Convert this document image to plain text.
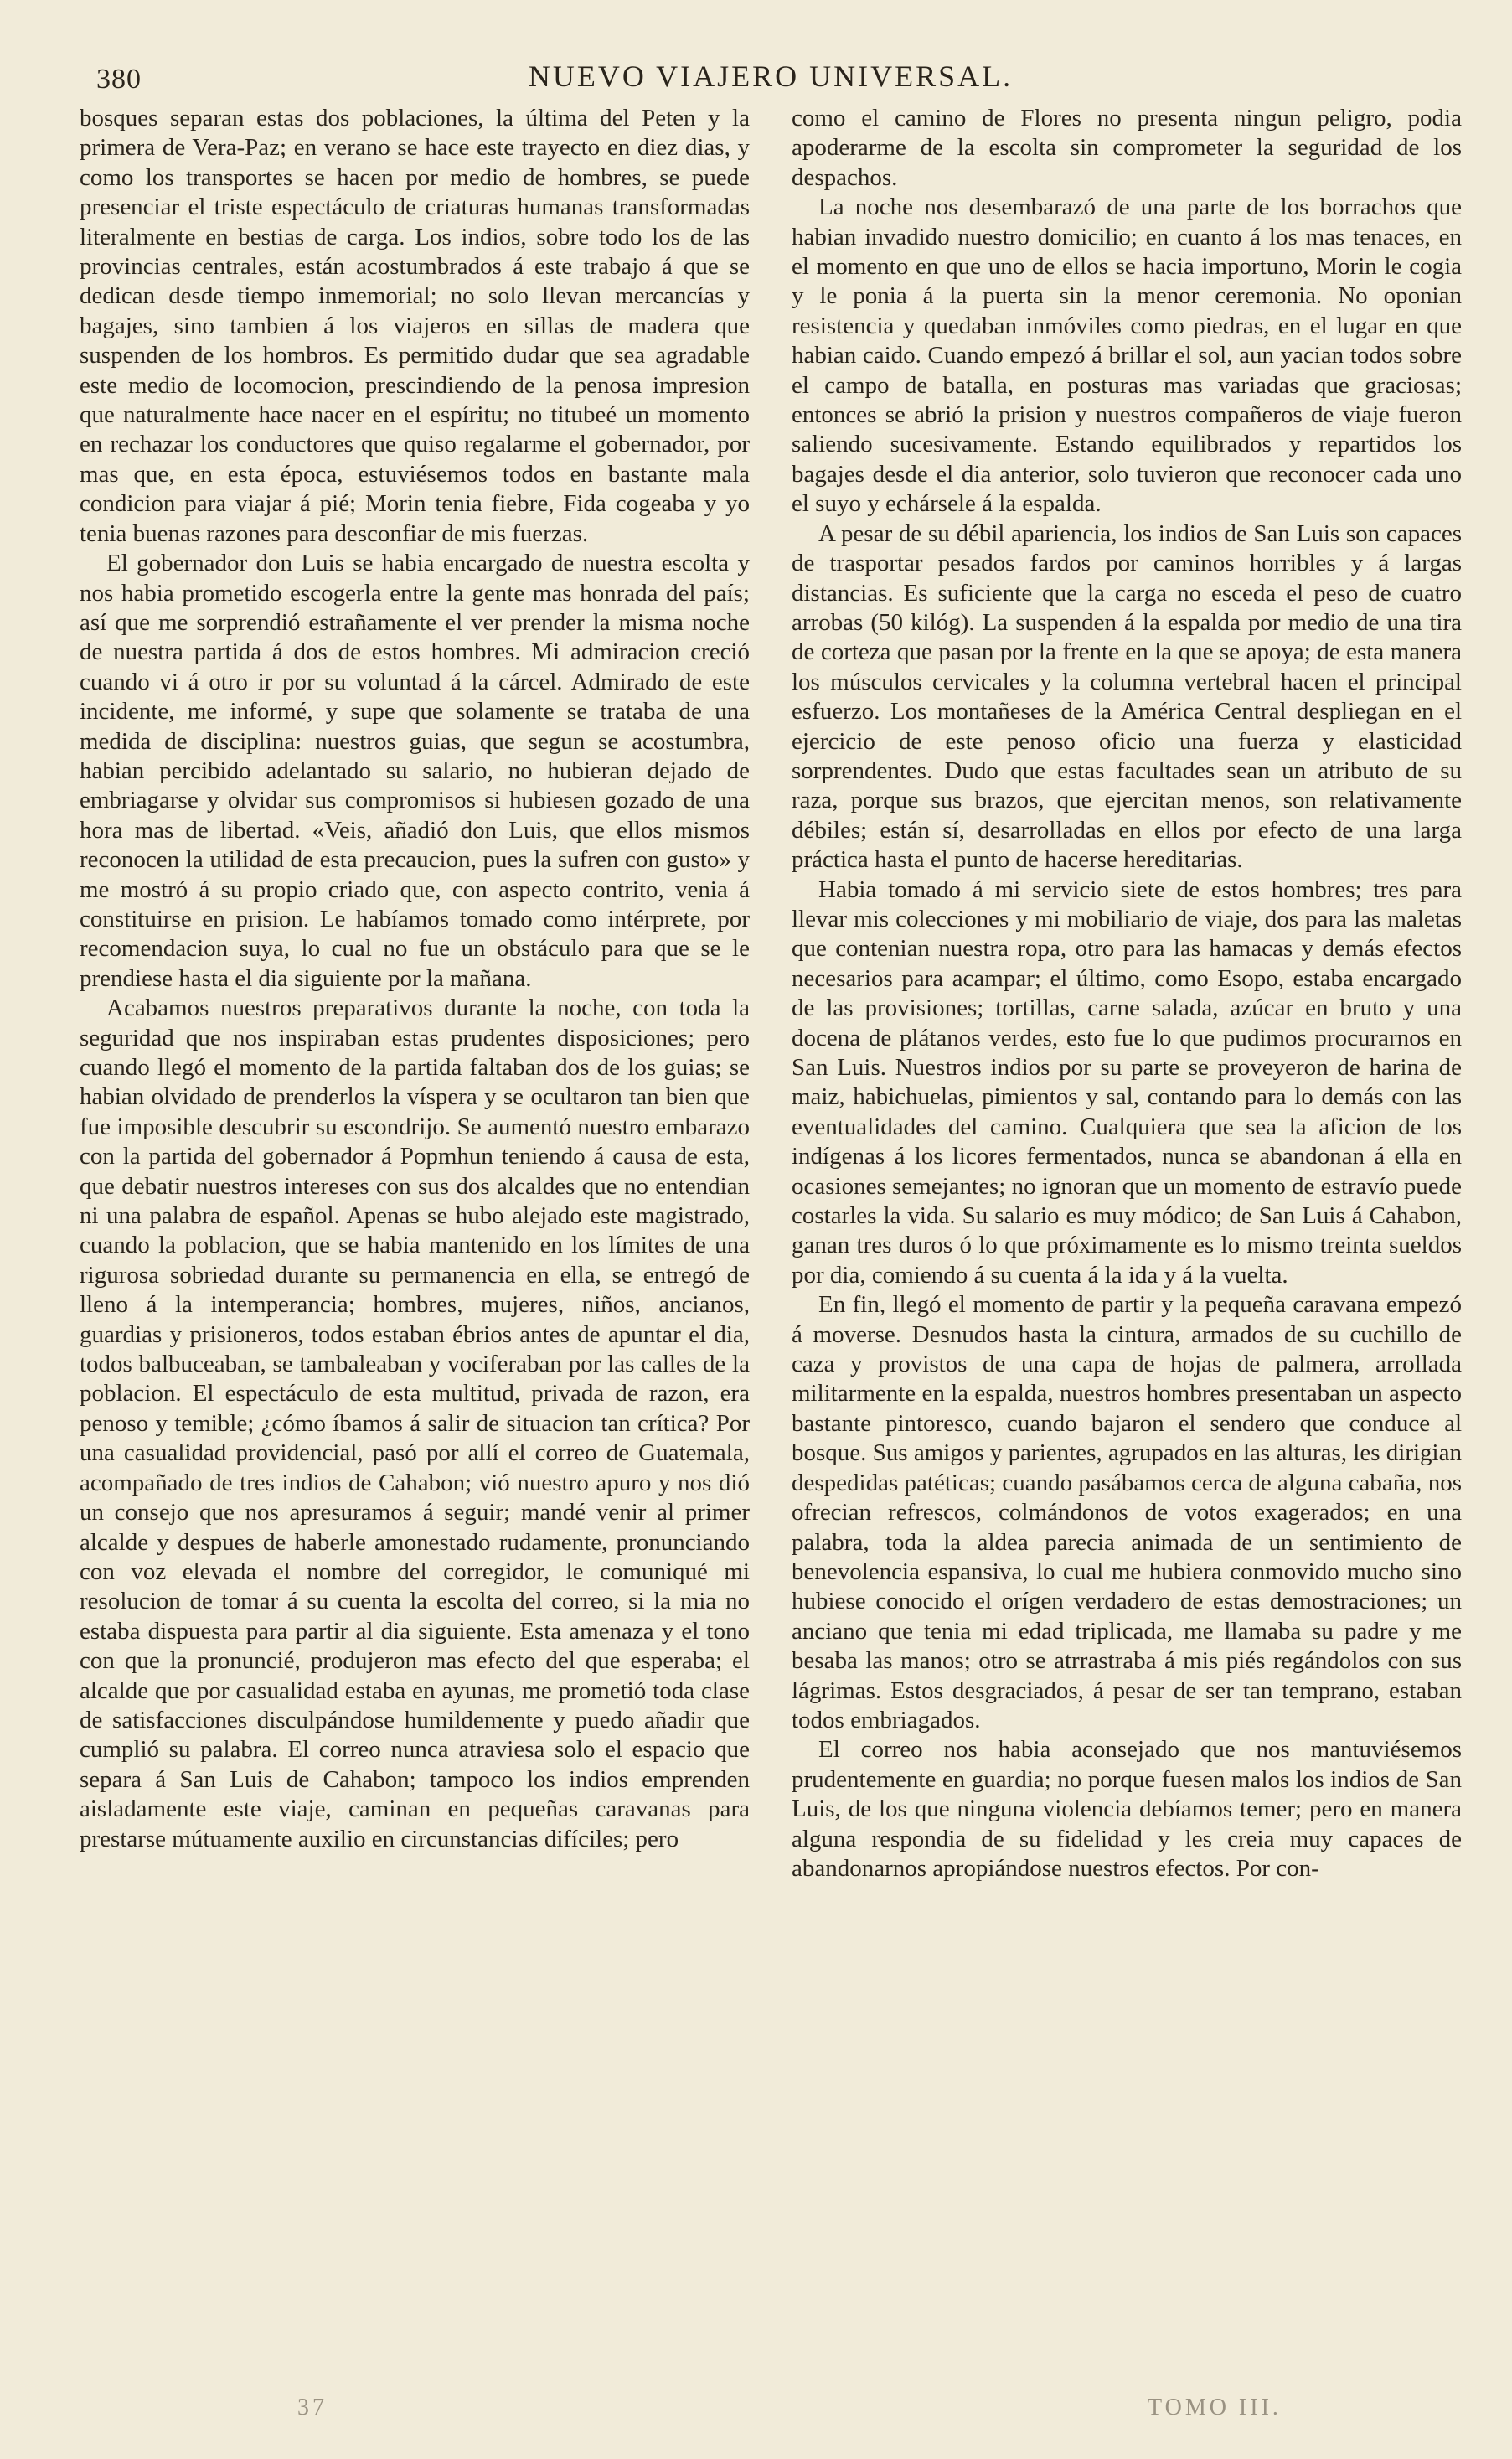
380	NUEVO VIAJERO UNIVERSAL.

bosques separan estas dos poblaciones, la última del Peten y la primera de Vera-Paz; en verano se hace este trayecto en diez dias, y como los transportes se hacen por medio de hombres, se puede presenciar el triste espectáculo de criaturas humanas transformadas literalmente en bestias de carga. Los indios, sobre todo los de las provincias centrales, están acostumbrados á este trabajo á que se dedican desde tiempo inmemorial; no solo llevan mercancías y bagajes, sino tambien á los viajeros en sillas de madera que suspenden de los hombros. Es permitido dudar que sea agradable este medio de locomocion, prescindiendo de la penosa impresion que naturalmente hace nacer en el espíritu; no titubeé un momento en rechazar los conductores que quiso regalarme el gobernador, por mas que, en esta época, estuviésemos todos en bastante mala condicion para viajar á pié; Morin tenia fiebre, Fida cogeaba y yo tenia buenas razones para desconfiar de mis fuerzas.

El gobernador don Luis se habia encargado de nuestra escolta y nos habia prometido escogerla entre la gente mas honrada del país; así que me sorprendió estrañamente el ver prender la misma noche de nuestra partida á dos de estos hombres. Mi admiracion creció cuando vi á otro ir por su voluntad á la cárcel. Admirado de este incidente, me informé, y supe que solamente se trataba de una medida de disciplina: nuestros guias, que segun se acostumbra, habian percibido adelantado su salario, no hubieran dejado de embriagarse y olvidar sus compromisos si hubiesen gozado de una hora mas de libertad. «Veis, añadió don Luis, que ellos mismos reconocen la utilidad de esta precaucion, pues la sufren con gusto» y me mostró á su propio criado que, con aspecto contrito, venia á constituirse en prision. Le habíamos tomado como intérprete, por recomendacion suya, lo cual no fue un obstáculo para que se le prendiese hasta el dia siguiente por la mañana.

Acabamos nuestros preparativos durante la noche, con toda la seguridad que nos inspiraban estas prudentes disposiciones; pero cuando llegó el momento de la partida faltaban dos de los guias; se habian olvidado de prenderlos la víspera y se ocultaron tan bien que fue imposible descubrir su escondrijo. Se aumentó nuestro embarazo con la partida del gobernador á Popmhun teniendo á causa de esta, que debatir nuestros intereses con sus dos alcaldes que no entendian ni una palabra de español. Apenas se hubo alejado este magistrado, cuando la poblacion, que se habia mantenido en los límites de una rigurosa sobriedad durante su permanencia en ella, se entregó de lleno á la intemperancia; hombres, mujeres, niños, ancianos, guardias y prisioneros, todos estaban ébrios antes de apuntar el dia, todos balbuceaban, se tambaleaban y vociferaban por las calles de la poblacion. El espectáculo de esta multitud, privada de razon, era penoso y temible; ¿cómo íbamos á salir de situacion tan crítica? Por una casualidad providencial, pasó por allí el correo de Guatemala, acompañado de tres indios de Cahabon; vió nuestro apuro y nos dió un consejo que nos apresuramos á seguir; mandé venir al primer alcalde y despues de haberle amonestado rudamente, pronunciando con voz elevada el nombre del corregidor, le comuniqué mi resolucion de tomar á su cuenta la escolta del correo, si la mia no estaba dispuesta para partir al dia siguiente. Esta amenaza y el tono con que la pronuncié, produjeron mas efecto del que esperaba; el alcalde que por casualidad estaba en ayunas, me prometió toda clase de satisfacciones disculpándose humildemente y puedo añadir que cumplió su palabra. El correo nunca atraviesa solo el espacio que separa á San Luis de Cahabon; tampoco los indios emprenden aisladamente este viaje, caminan en pequeñas caravanas para prestarse mútuamente auxilio en circunstancias difíciles; pero

como el camino de Flores no presenta ningun peligro, podia apoderarme de la escolta sin comprometer la seguridad de los despachos.

La noche nos desembarazó de una parte de los borrachos que habian invadido nuestro domicilio; en cuanto á los mas tenaces, en el momento en que uno de ellos se hacia importuno, Morin le cogia y le ponia á la puerta sin la menor ceremonia. No oponian resistencia y quedaban inmóviles como piedras, en el lugar en que habian caido. Cuando empezó á brillar el sol, aun yacian todos sobre el campo de batalla, en posturas mas variadas que graciosas; entonces se abrió la prision y nuestros compañeros de viaje fueron saliendo sucesivamente. Estando equilibrados y repartidos los bagajes desde el dia anterior, solo tuvieron que reconocer cada uno el suyo y echársele á la espalda.

A pesar de su débil apariencia, los indios de San Luis son capaces de trasportar pesados fardos por caminos horribles y á largas distancias. Es suficiente que la carga no esceda el peso de cuatro arrobas (50 kilóg). La suspenden á la espalda por medio de una tira de corteza que pasan por la frente en la que se apoya; de esta manera los músculos cervicales y la columna vertebral hacen el principal esfuerzo. Los montañeses de la América Central despliegan en el ejercicio de este penoso oficio una fuerza y elasticidad sorprendentes. Dudo que estas facultades sean un atributo de su raza, porque sus brazos, que ejercitan menos, son relativamente débiles; están sí, desarrolladas en ellos por efecto de una larga práctica hasta el punto de hacerse hereditarias.

Habia tomado á mi servicio siete de estos hombres; tres para llevar mis colecciones y mi mobiliario de viaje, dos para las maletas que contenian nuestra ropa, otro para las hamacas y demás efectos necesarios para acampar; el último, como Esopo, estaba encargado de las provisiones; tortillas, carne salada, azúcar en bruto y una docena de plátanos verdes, esto fue lo que pudimos procurarnos en San Luis. Nuestros indios por su parte se proveyeron de harina de maiz, habichuelas, pimientos y sal, contando para lo demás con las eventualidades del camino. Cualquiera que sea la aficion de los indígenas á los licores fermentados, nunca se abandonan á ella en ocasiones semejantes; no ignoran que un momento de estravío puede costarles la vida. Su salario es muy módico; de San Luis á Cahabon, ganan tres duros ó lo que próximamente es lo mismo treinta sueldos por dia, comiendo á su cuenta á la ida y á la vuelta.

En fin, llegó el momento de partir y la pequeña caravana empezó á moverse. Desnudos hasta la cintura, armados de su cuchillo de caza y provistos de una capa de hojas de palmera, arrollada militarmente en la espalda, nuestros hombres presentaban un aspecto bastante pintoresco, cuando bajaron el sendero que conduce al bosque. Sus amigos y parientes, agrupados en las alturas, les dirigian despedidas patéticas; cuando pasábamos cerca de alguna cabaña, nos ofrecian refrescos, colmándonos de votos exagerados; en una palabra, toda la aldea parecia animada de un sentimiento de benevolencia espansiva, lo cual me hubiera conmovido mucho sino hubiese conocido el orígen verdadero de estas demostraciones; un anciano que tenia mi edad triplicada, me llamaba su padre y me besaba las manos; otro se atrrastraba á mis piés regándolos con sus lágrimas. Estos desgraciados, á pesar de ser tan temprano, estaban todos embriagados.

El correo nos habia aconsejado que nos mantuviésemos prudentemente en guardia; no porque fuesen malos los indios de San Luis, de los que ninguna violencia debíamos temer; pero en manera alguna respondia de su fidelidad y les creia muy capaces de abandonarnos apropiándose nuestros efectos. Por con-

37	TOMO III.
